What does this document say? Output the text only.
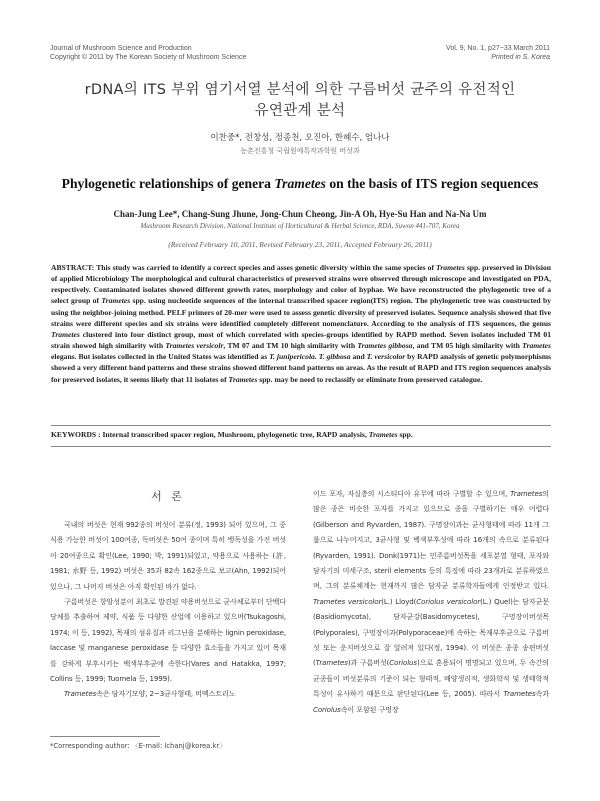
Journal of Mushroom Science and Production
Copyright © 2011 by The Korean Society of Mushroom Science
Vol. 9, No. 1, p27~33 March 2011
Printed in S. Korea
rDNA의 ITS 부위 염기서열 분석에 의한 구름버섯 균주의 유전적인
유연관계 분석
이찬중*, 전창성, 정종천, 오진아, 한혜수, 엄나나
농촌진흥청 국립원예특작과학원 버섯과
Phylogenetic relationships of genera Trametes on the basis of ITS region sequences
Chan-Jung Lee*, Chang-Sung Jhune, Jong-Chun Cheong, Jin-A Oh, Hye-Su Han and Na-Na Um
Mushroom Research Division, National Institute of Horticultural & Herbal Science, RDA, Suwon 441-707, Korea
(Received February 10, 2011, Revised February 23, 2011, Accepted February 26, 2011)
ABSTRACT: This study was carried to identify a correct species and asses genetic diversity within the same species of Trametes spp. preserved in Division of applied Microbiology The morphological and cultural characteristics of preserved strains were observed through microscope and investigated on PDA, respectively. Contaminated isolates showed different growth rates, morphology and color of hyphae. We have reconstructed the phylogenetic tree of a select group of Trametes spp. using nucleotide sequences of the internal transcribed spacer region(ITS) region. The phylogenetic tree was constructed by using the neighbor-joining method. PELF primers of 20-mer were used to assess genetic diversity of preserved isolates. Sequence analysis showed that five strains were different species and six strains were identified completely different nomenclature. According to the analysis of ITS sequences, the genus Trametes clustered into four distinct group, most of which correlated with species-groups identified by RAPD method. Seven isolates included TM 01 strain showed high similarity with Trametes versicolr, TM 07 and TM 10 high similarity with Trametes gibbosa, and TM 05 high similarity with Trametes elegans. But isolates collected in the United States was identified as T. junipericola. T. gibbosa and T. versicolor by RAPD analysis of genetic polymorphisms showed a very different band patterns and these strains showed different band patterns on areas. As the result of RAPD and ITS region sequences analysis for preserved isolates, it seems likely that 11 isolates of Trametes spp. may be need to reclassify or eliminate from preserved catalogue.
KEYWORDS : Internal transcribed spacer region, Mushroom, phylogenetic tree, RAPD analysis, Trametes spp.
서 론

국내의 버섯은 현재 992종의 버섯이 분류(정, 1993) 되어 있으며, 그 중 식용 가능한 버섯이 100여종, 독버섯은 50여 종이며 특히 뱅독성을 가진 버섯이 20여종으로 확인(Lee, 1990; 박, 1991)되었고, 약용으로 사용하는 (許, 1981; 水野 등, 1992) 버섯은 35과 82속 162종으로 보고(Ahn, 1992)되어 있으나, 그 나머지 버섯은 아직 확인된 바가 없다.

구름버섯은 항암성분이 최초로 발견된 약용버섯으로 균사체로부터 단백다당체를 추출하여 제약, 식품 등 다양한 산업에 이용하고 있으며(Tsukagoshi, 1974; 이 등, 1992), 목재의 섬유질과 리그닌을 분해하는 lignin peroxidase, laccase 및 manganese peroxidase 등 다양한 효소들을 가지고 있어 목재를 강하게 부후시키는 백색부후균에 속한다(Vares and Hatakka, 1997; Collins 등, 1999; Tuomela 등, 1999).

Trametes속은 담자기모양, 2~3균사형태, 비멕스트리노

이드 포자, 자실층의 시스티디아 유무에 따라 구별할 수 있으며, Trametes의 많은 종은 비슷한 포자를 가지고 있으므로 종을 구별하기는 매우 어렵다(Gilberson and Ryvarden, 1987). 구명장이과는 균사형태에 따라 11개 그룹으로 나누어지고, 3균사형 및 백색부후성에 따라 16개의 속으로 분류된다(Ryvarden, 1991). Donk(1971)는 민주름버섯목을 세포분열 형태, 포자와 담자기의 미세구조, steril elements 등의 특징에 따라 23개과로 분류하였으며, 그의 분류체계는 현재까지 많은 담자균 분류학자들에게 인정받고 있다. Trametes versicolor(L.) Lloyd(Coriolus versicolor(L.) Quel)는 담자균문(Basidiomycota), 담자균강(Basidomycetes), 구멍장이버섯목(Polyporales), 구멍장이과(Polyporaceae)에 속하는 목재부후균으로 구름버섯 또는 운지버섯으로 잘 알려져 있다(정, 1994). 이 버섯은 종종 송편버섯(Trametes)과 구름버섯(Coriolus)으로 혼용되어 명명되고 있으며, 두 속간의 균종들이 버섯분류의 기준이 되는 형태적, 배양생리적, 생화학적 및 생태학적특성이 유사하기 때문으로 판단된다(Lee 등, 2005). 따라서 Trametes속과 Coriolus속이 포함된 구멍장

*Corresponding author: 〈E-mail: lchanj@korea.kr〉
